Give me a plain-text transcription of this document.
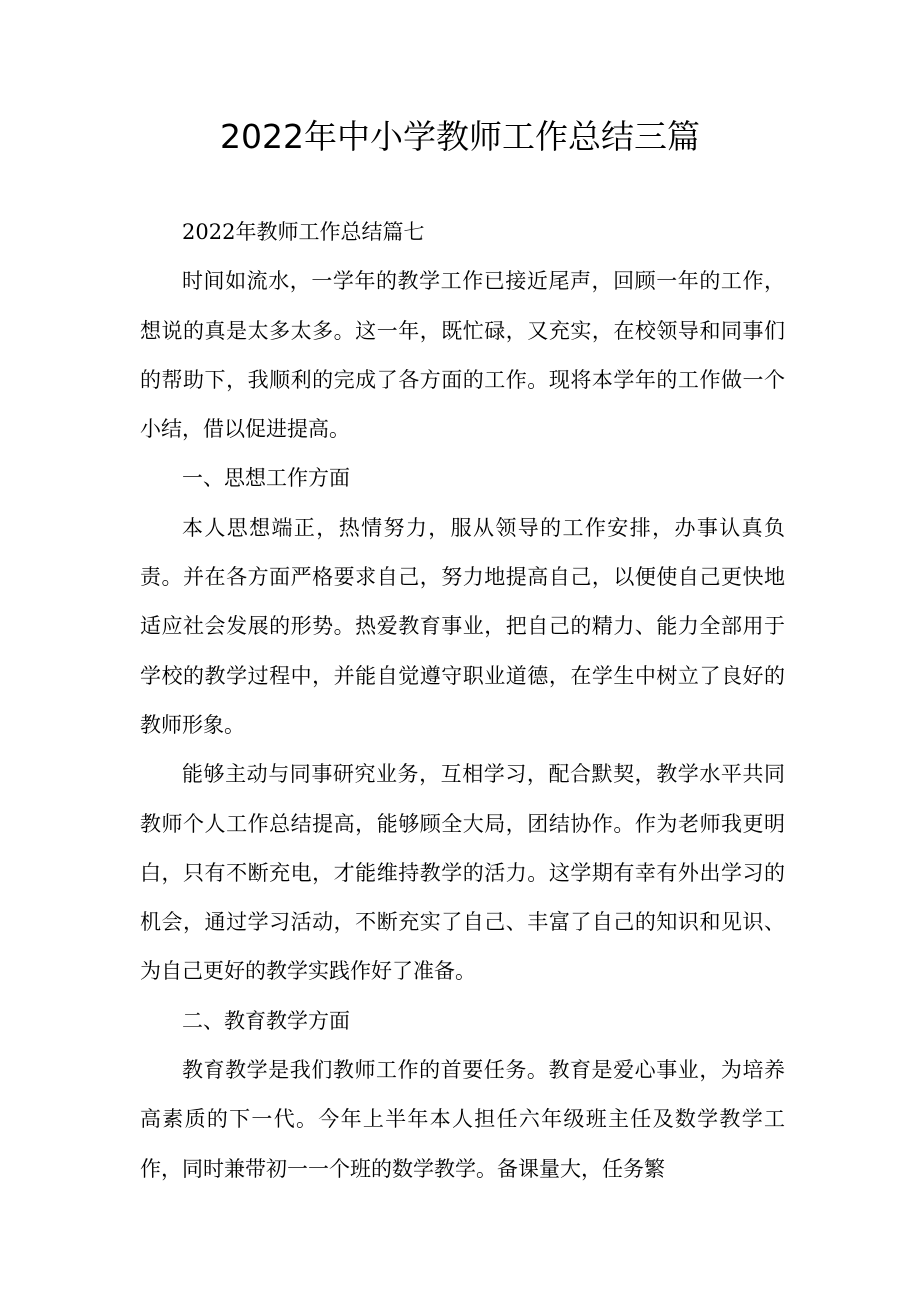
2022年中小学教师工作总结三篇

2022年教师工作总结篇七

时间如流水，一学年的教学工作已接近尾声，回顾一年的工作，想说的真是太多太多。这一年，既忙碌，又充实，在校领导和同事们的帮助下，我顺利的完成了各方面的工作。现将本学年的工作做一个小结，借以促进提高。

一、思想工作方面

本人思想端正，热情努力，服从领导的工作安排，办事认真负责。并在各方面严格要求自己，努力地提高自己，以便使自己更快地适应社会发展的形势。热爱教育事业，把自己的精力、能力全部用于学校的教学过程中，并能自觉遵守职业道德，在学生中树立了良好的教师形象。

能够主动与同事研究业务，互相学习，配合默契，教学水平共同教师个人工作总结提高，能够顾全大局，团结协作。作为老师我更明白，只有不断充电，才能维持教学的活力。这学期有幸有外出学习的机会，通过学习活动，不断充实了自己、丰富了自己的知识和见识、为自己更好的教学实践作好了准备。

二、教育教学方面

教育教学是我们教师工作的首要任务。教育是爱心事业，为培养高素质的下一代。今年上半年本人担任六年级班主任及数学教学工作，同时兼带初一一个班的数学教学。备课量大，任务繁
